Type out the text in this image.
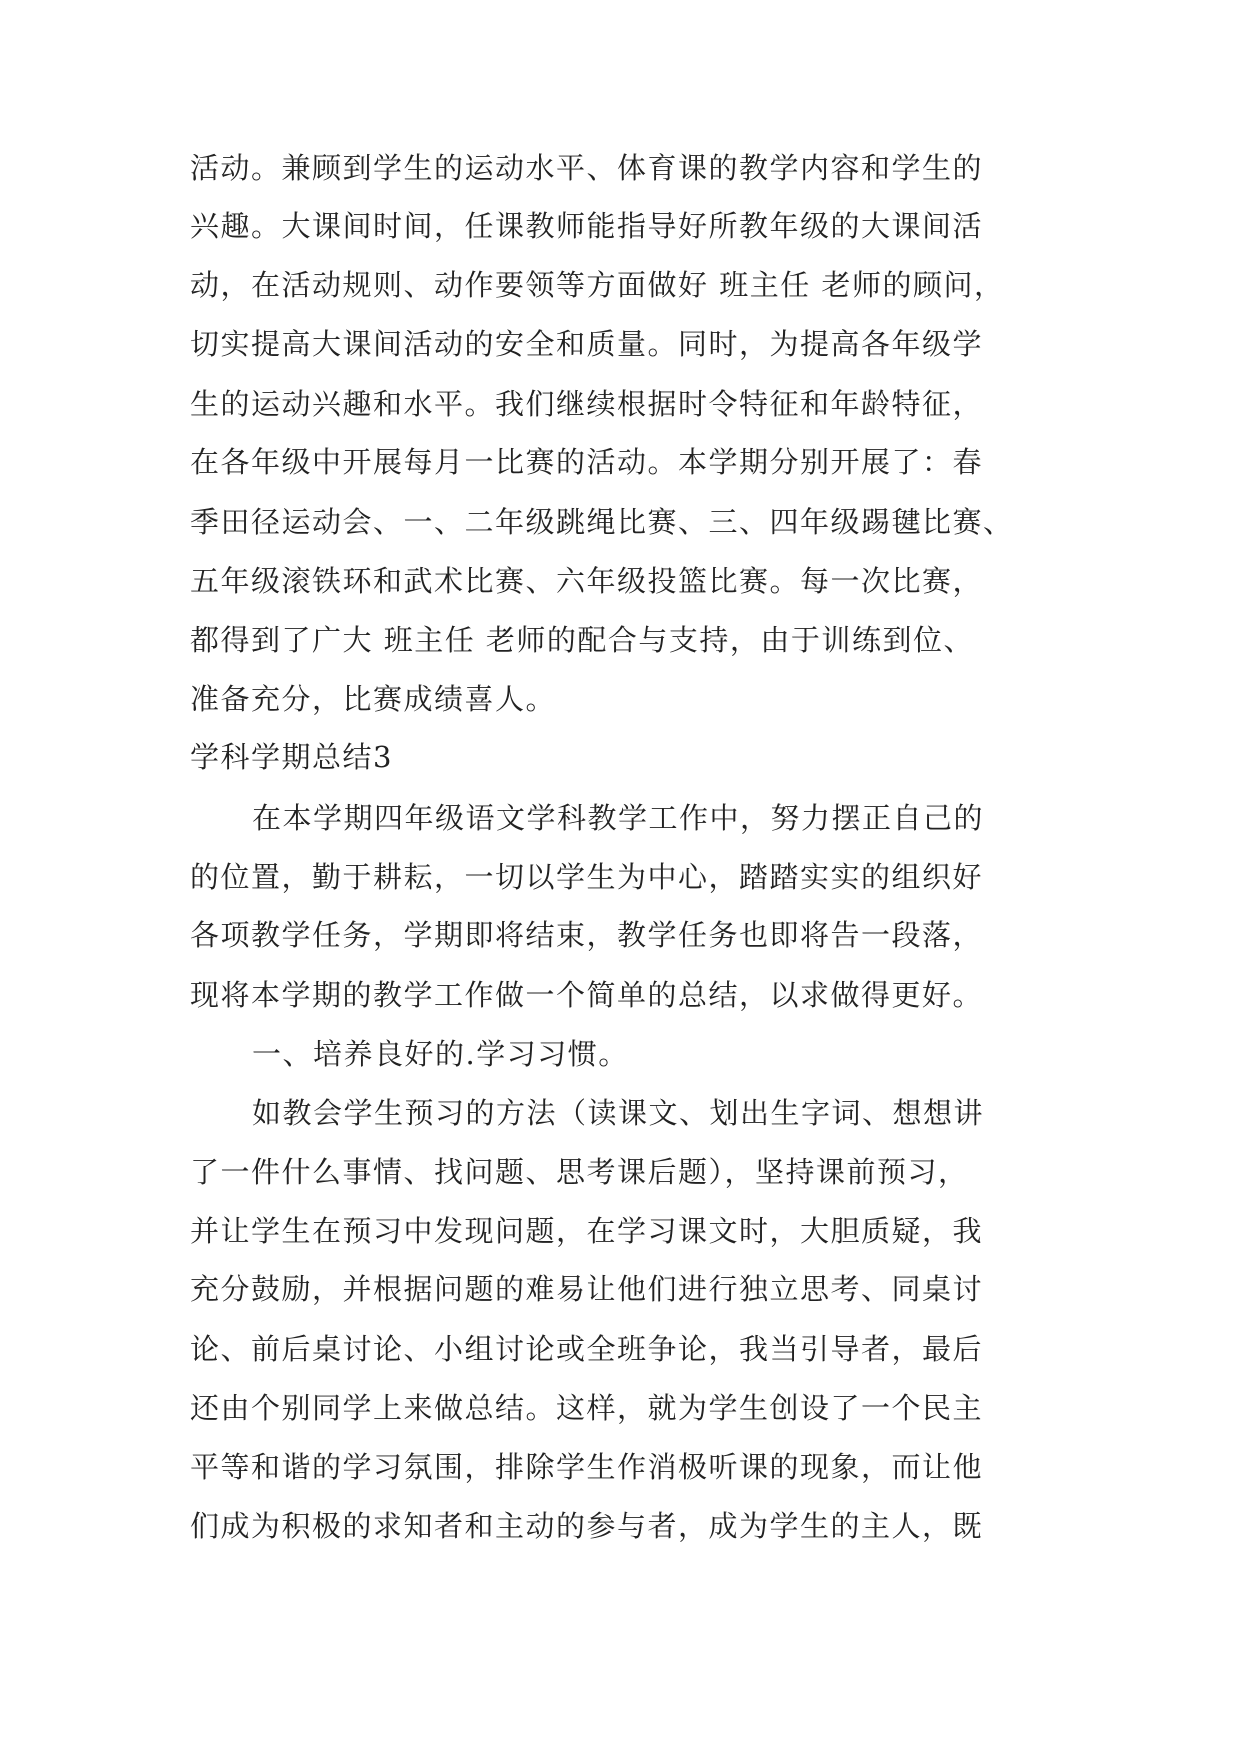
活动。兼顾到学生的运动水平、体育课的教学内容和学生的
兴趣。大课间时间，任课教师能指导好所教年级的大课间活
动，在活动规则、动作要领等方面做好 班主任 老师的顾问，
切实提高大课间活动的安全和质量。同时，为提高各年级学
生的运动兴趣和水平。我们继续根据时令特征和年龄特征，
在各年级中开展每月一比赛的活动。本学期分别开展了：春
季田径运动会、一、二年级跳绳比赛、三、四年级踢毽比赛、
五年级滚铁环和武术比赛、六年级投篮比赛。每一次比赛，
都得到了广大 班主任 老师的配合与支持，由于训练到位、
准备充分，比赛成绩喜人。
学科学期总结3
在本学期四年级语文学科教学工作中，努力摆正自己的
的位置，勤于耕耘，一切以学生为中心，踏踏实实的组织好
各项教学任务，学期即将结束，教学任务也即将告一段落，
现将本学期的教学工作做一个简单的总结，以求做得更好。
一、培养良好的.学习习惯。
如教会学生预习的方法（读课文、划出生字词、想想讲
了一件什么事情、找问题、思考课后题），坚持课前预习，
并让学生在预习中发现问题，在学习课文时，大胆质疑，我
充分鼓励，并根据问题的难易让他们进行独立思考、同桌讨
论、前后桌讨论、小组讨论或全班争论，我当引导者，最后
还由个别同学上来做总结。这样，就为学生创设了一个民主
平等和谐的学习氛围，排除学生作消极听课的现象，而让他
们成为积极的求知者和主动的参与者，成为学生的主人，既
